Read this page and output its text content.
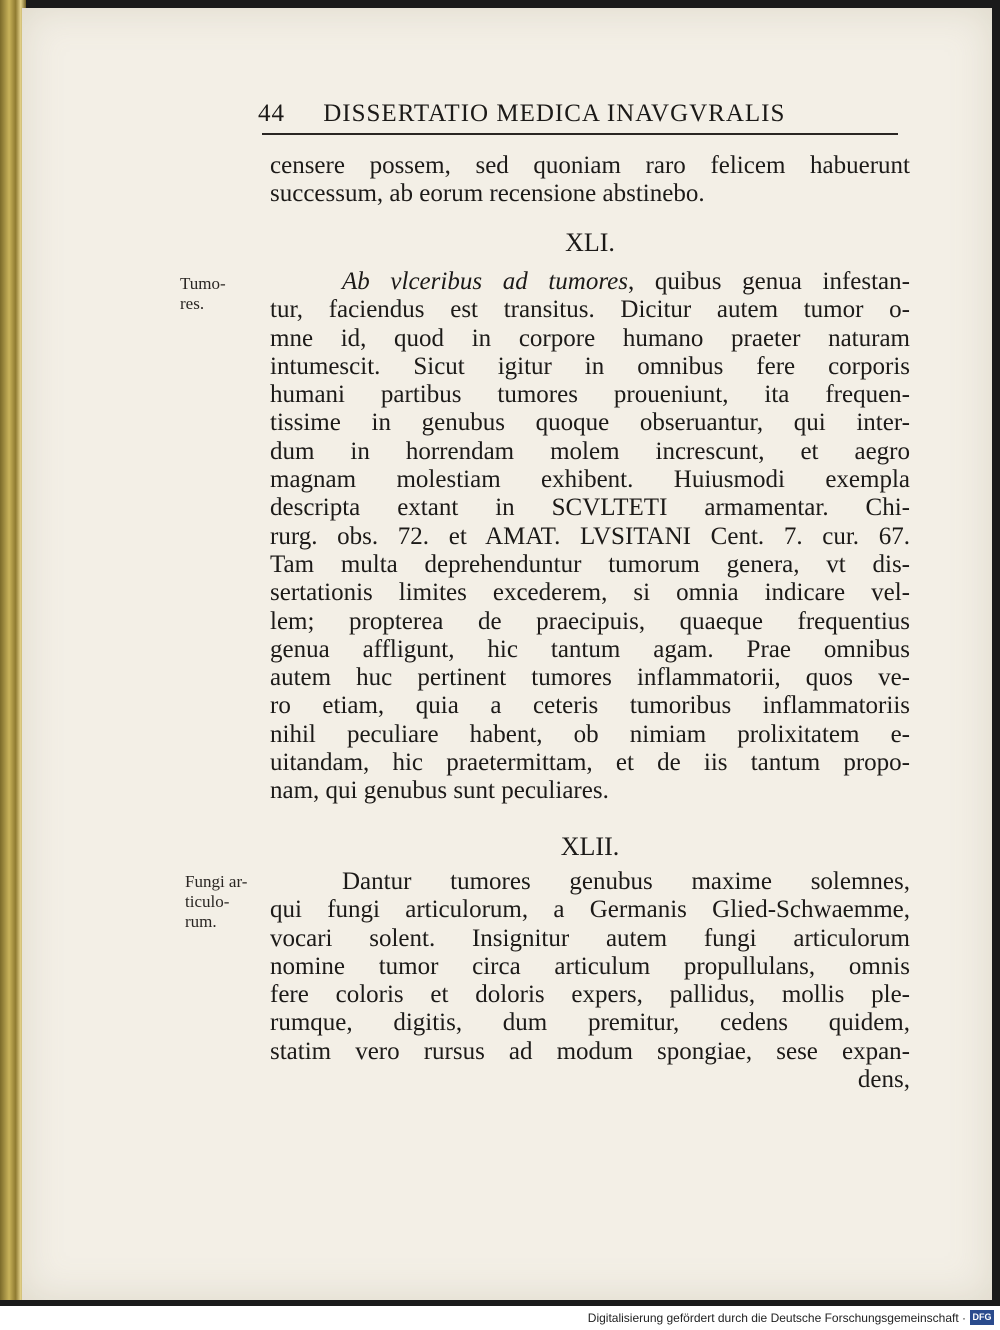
44 DISSERTATIO MEDICA INAVGVRALIS
censere possem, sed quoniam raro felicem habuerunt
successum, ab eorum recensione abstinebo.
XLI.
Tumo-
res.
Ab vlceribus ad tumores, quibus genua infestan-
tur, faciendus est transitus. Dicitur autem tumor o-
mne id, quod in corpore humano praeter naturam
intumescit. Sicut igitur in omnibus fere corporis
humani partibus tumores proueniunt, ita frequen-
tissime in genubus quoque obseruantur, qui inter-
dum in horrendam molem increscunt, et aegro
magnam molestiam exhibent. Huiusmodi exempla
descripta extant in SCVLTETI armamentar. Chi-
rurg. obs. 72. et AMAT. LVSITANI Cent. 7. cur. 67.
Tam multa deprehenduntur tumorum genera, vt dis-
sertationis limites excederem, si omnia indicare vel-
lem; propterea de praecipuis, quaeque frequentius
genua affligunt, hic tantum agam. Prae omnibus
autem huc pertinent tumores inflammatorii, quos ve-
ro etiam, quia a ceteris tumoribus inflammatoriis
nihil peculiare habent, ob nimiam prolixitatem e-
uitandam, hic praetermittam, et de iis tantum propo-
nam, qui genubus sunt peculiares.
XLII.
Fungi ar-
ticulo-
rum.
Dantur tumores genubus maxime solemnes,
qui fungi articulorum, a Germanis Glied-Schwaemme,
vocari solent. Insignitur autem fungi articulorum
nomine tumor circa articulum propullulans, omnis
fere coloris et doloris expers, pallidus, mollis ple-
rumque, digitis, dum premitur, cedens quidem,
statim vero rursus ad modum spongiae, sese expan-
dens,
Digitalisierung gefördert durch die Deutsche Forschungsgemeinschaft · DFG
